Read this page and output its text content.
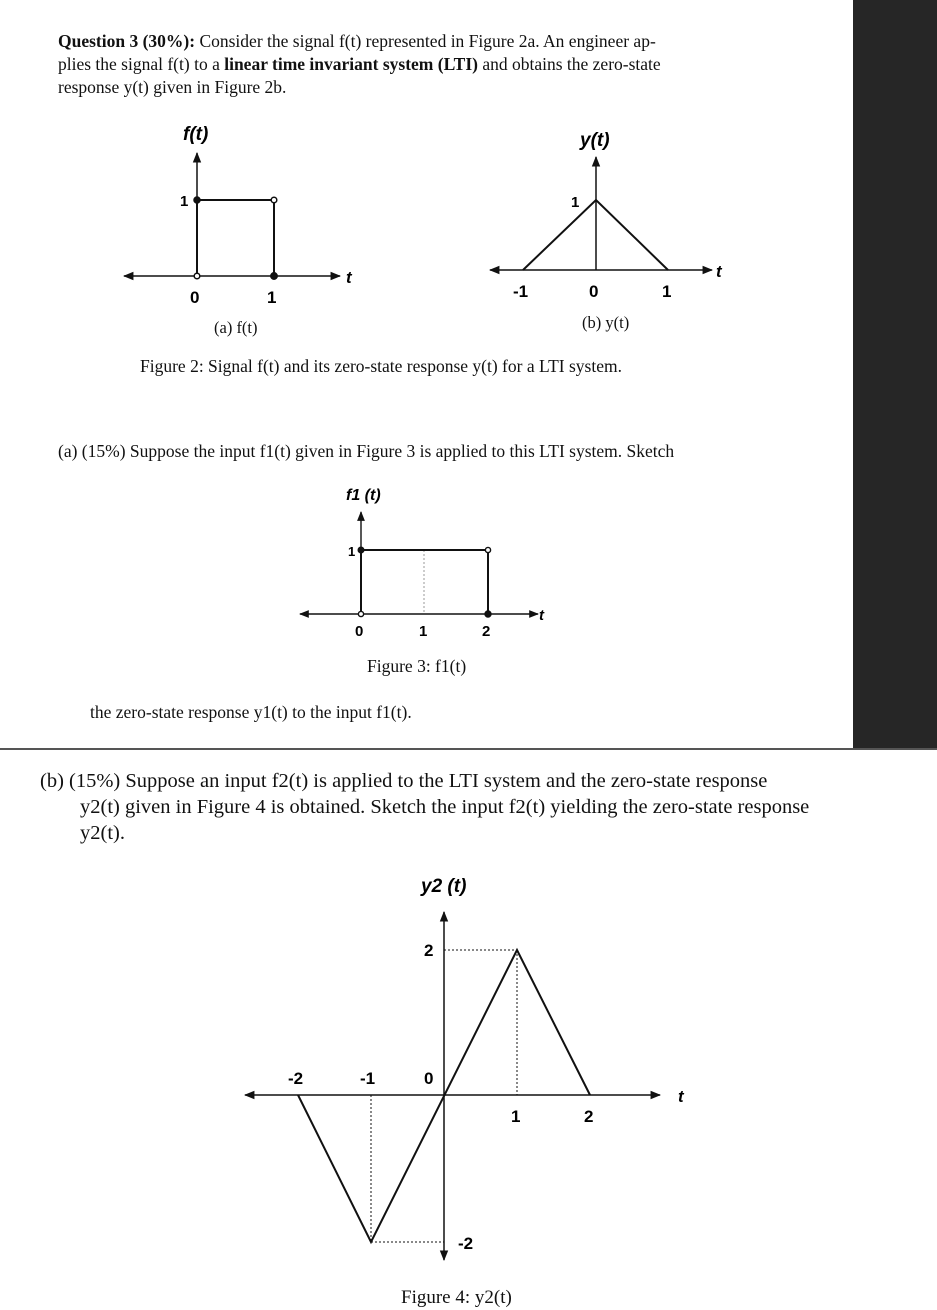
Question 3 (30%): Consider the signal f(t) represented in Figure 2a. An engineer ap-
plies the signal f(t) to a linear time invariant system (LTI) and obtains the zero-state
response y(t) given in Figure 2b.
(a) f(t)	(b) y(t)
Figure 2: Signal f(t) and its zero-state response y(t) for a LTI system.
(a) (15%) Suppose the input f1(t) given in Figure 3 is applied to this LTI system. Sketch
Figure 3: f1(t)
the zero-state response y1(t) to the input f1(t).
(b) (15%) Suppose an input f2(t) is applied to the LTI system and the zero-state response
y2(t) given in Figure 4 is obtained. Sketch the input f2(t) yielding the zero-state response
y2(t).
Figure 4: y2(t)
f(t)
t
1
0	1
y(t)
t
1
-1	0	1
f1 (t)
t
1
0	1	2
y2 (t)
t
2
-2
-2	-1	0
1	2
